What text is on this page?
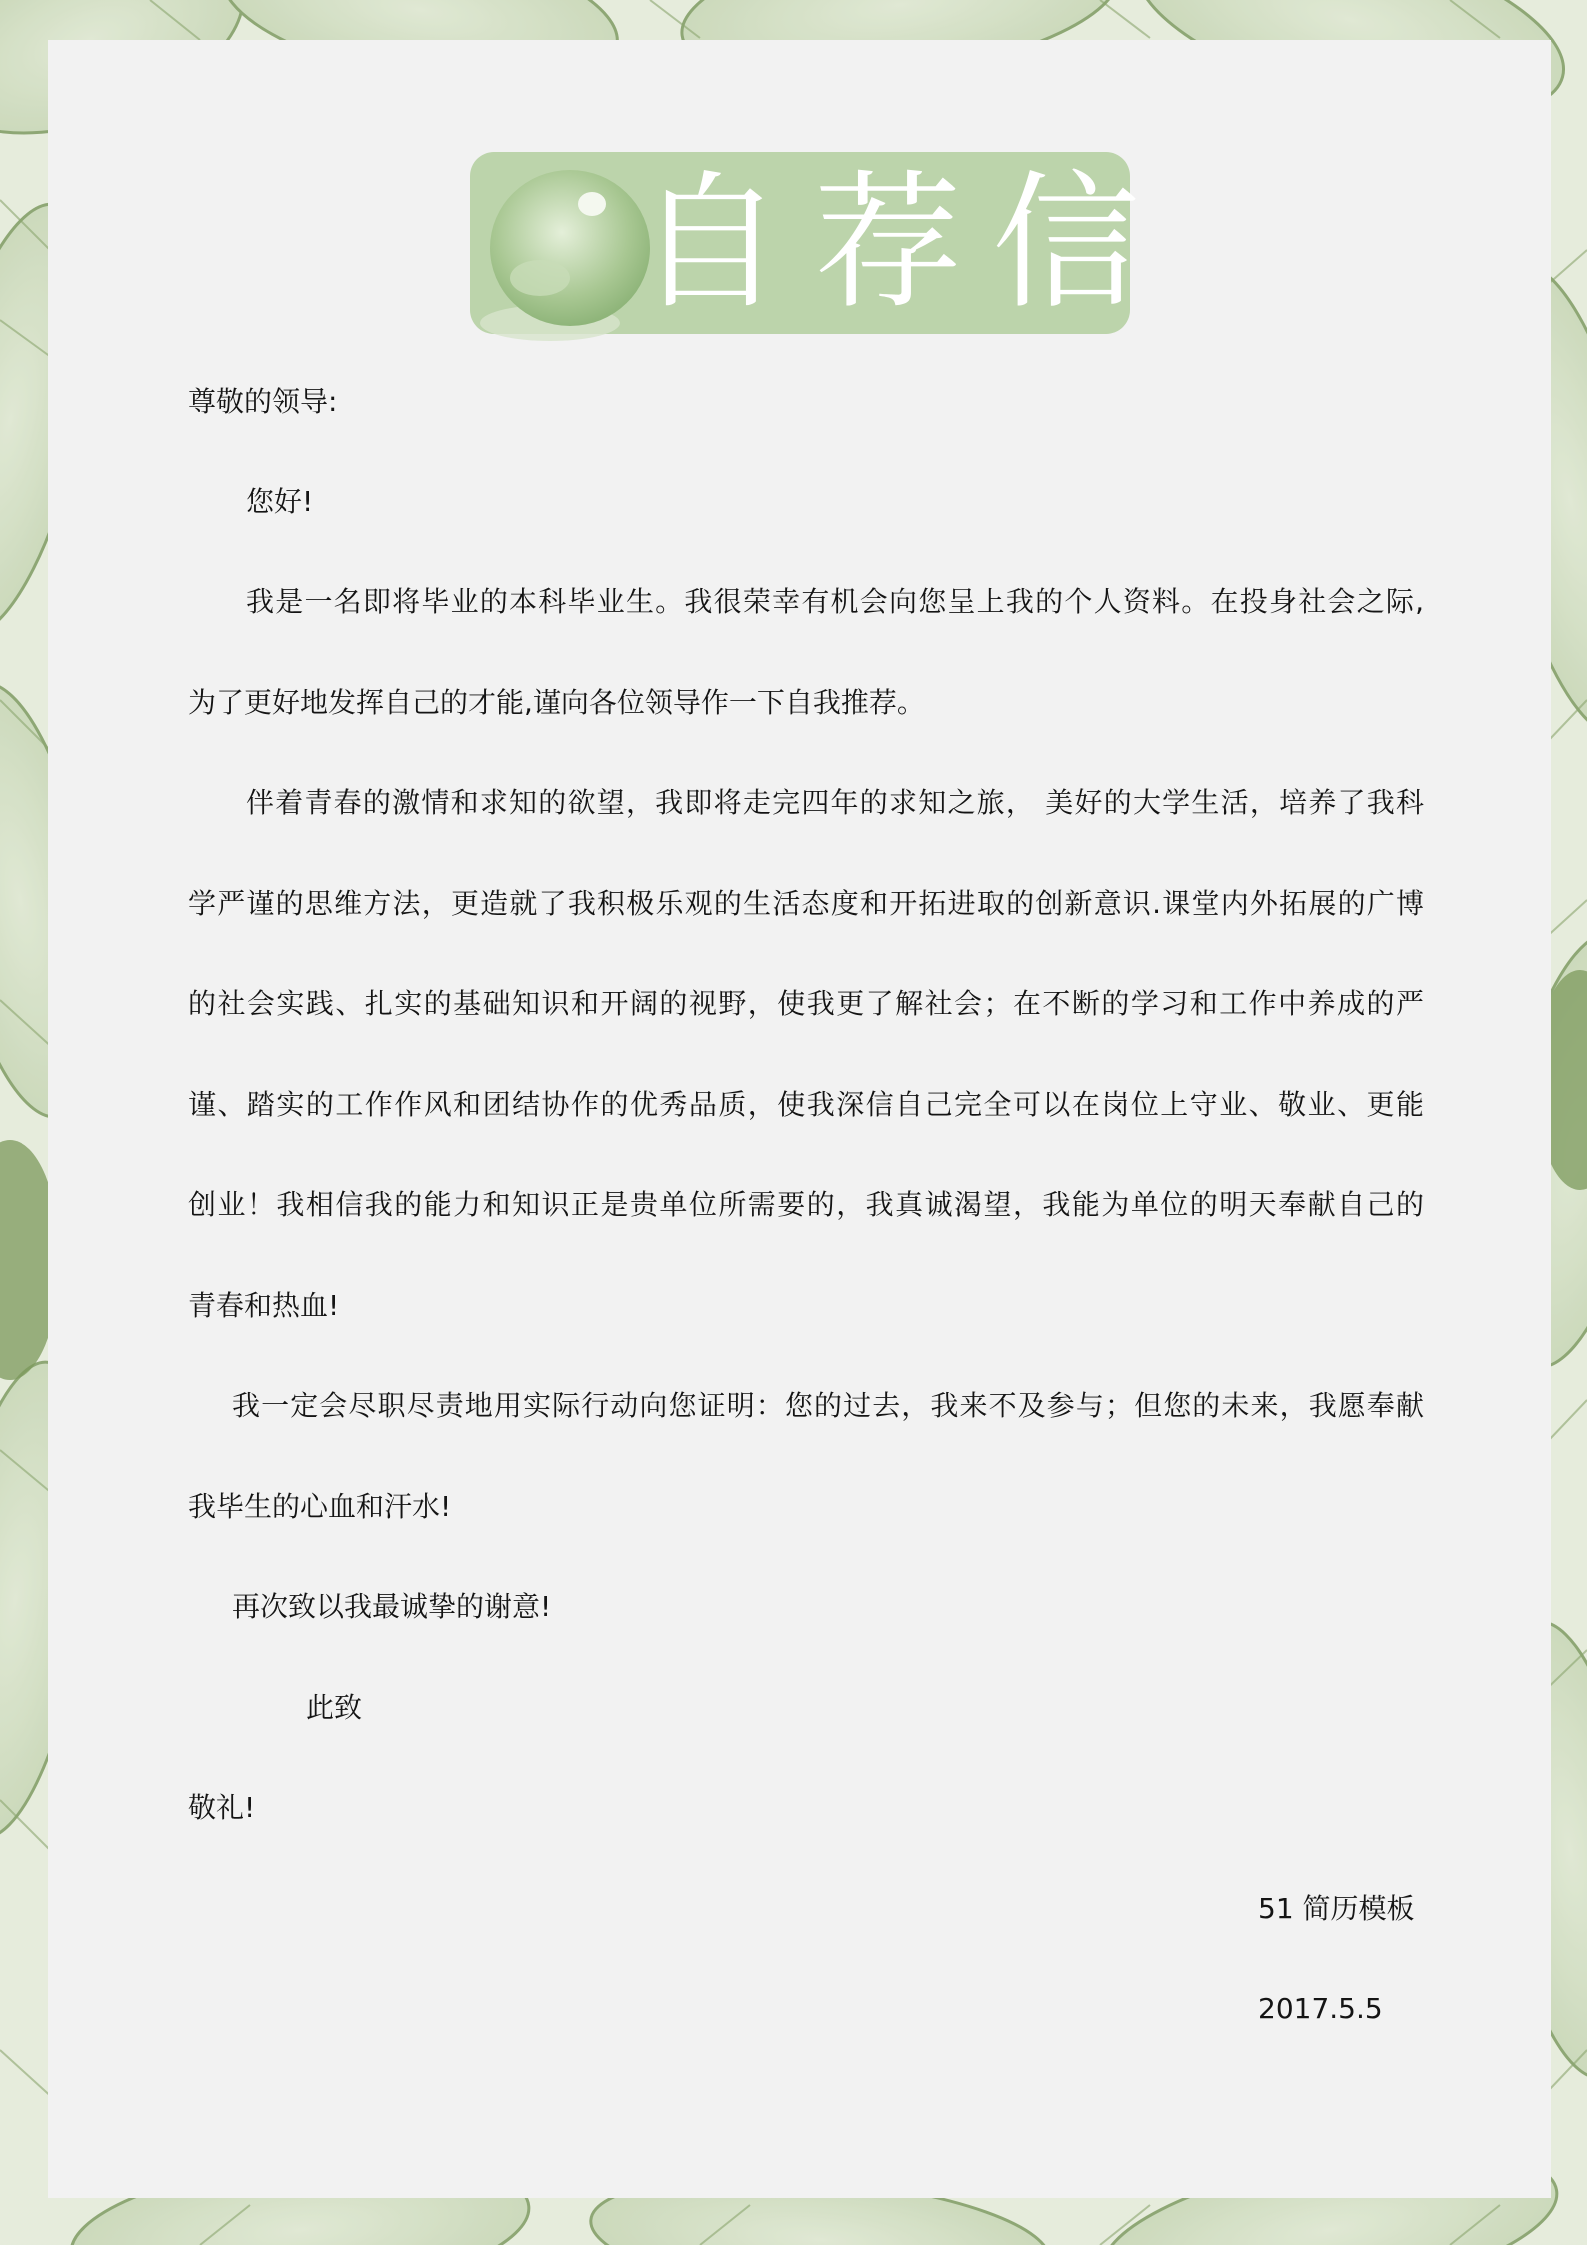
自荐信
尊敬的领导:
您好!
我是一名即将毕业的本科毕业生。我很荣幸有机会向您呈上我的个人资料。在投身社会之际,
为了更好地发挥自己的才能,谨向各位领导作一下自我推荐。
伴着青春的激情和求知的欲望，我即将走完四年的求知之旅， 美好的大学生活，培养了我科
学严谨的思维方法，更造就了我积极乐观的生活态度和开拓进取的创新意识.课堂内外拓展的广博
的社会实践、扎实的基础知识和开阔的视野，使我更了解社会；在不断的学习和工作中养成的严
谨、踏实的工作作风和团结协作的优秀品质，使我深信自己完全可以在岗位上守业、敬业、更能
创业！我相信我的能力和知识正是贵单位所需要的，我真诚渴望，我能为单位的明天奉献自己的
青春和热血!
我一定会尽职尽责地用实际行动向您证明：您的过去，我来不及参与；但您的未来，我愿奉献
我毕生的心血和汗水!
再次致以我最诚挚的谢意!
此致
敬礼!
51 简历模板
2017.5.5
